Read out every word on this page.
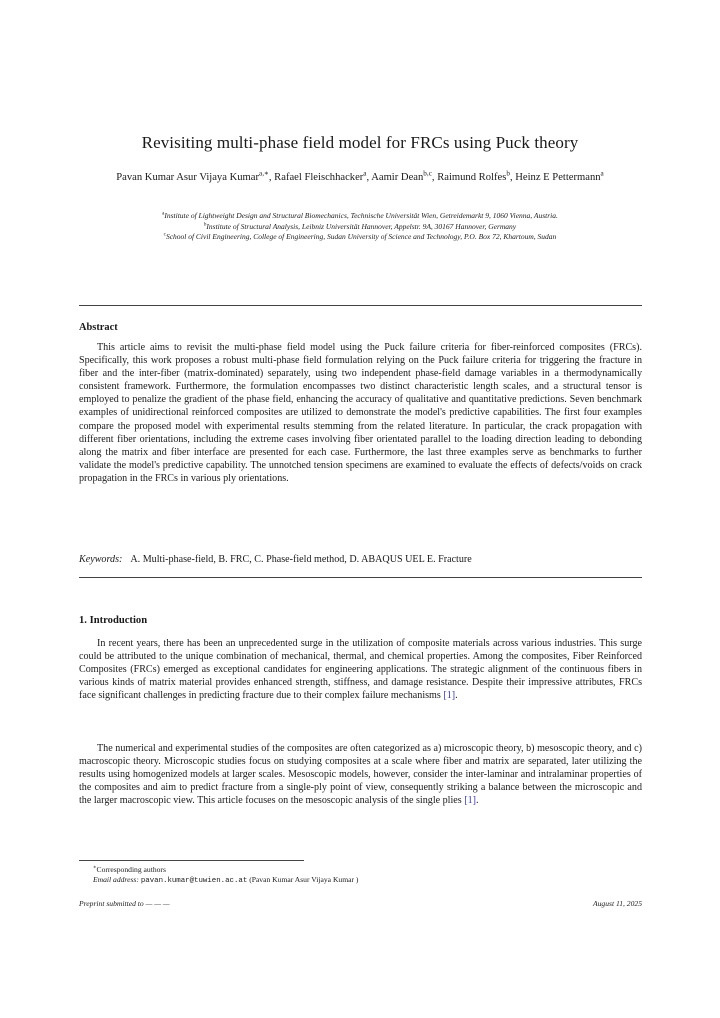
Revisiting multi-phase field model for FRCs using Puck theory
Pavan Kumar Asur Vijaya Kumar$^{a,∗}$, Rafael Fleischhacker$^a$, Aamir Dean$^{b,c}$, Raimund Rolfes$^b$, Heinz E Pettermann$^a$
$^a$Institute of Lightweight Design and Structural Biomechanics, Technische Universität Wien, Getreidemarkt 9, 1060 Vienna, Austria.
$^b$Institute of Structural Analysis, Leibniz Universität Hannover, Appelstr. 9A, 30167 Hannover, Germany
$^c$School of Civil Engineering, College of Engineering, Sudan University of Science and Technology, P.O. Box 72, Khartoum, Sudan
Abstract
This article aims to revisit the multi-phase field model using the Puck failure criteria for fiber-reinforced composites (FRCs). Specifically, this work proposes a robust multi-phase field formulation relying on the Puck failure criteria for triggering the fracture in fiber and the inter-fiber (matrix-dominated) separately, using two independent phase-field damage variables in a thermodynamically consistent framework. Furthermore, the formulation encompasses two distinct characteristic length scales, and a structural tensor is employed to penalize the gradient of the phase field, enhancing the accuracy of qualitative and quantitative predictions. Seven benchmark examples of unidirectional reinforced composites are utilized to demonstrate the model's predictive capabilities. The first four examples compare the proposed model with experimental results stemming from the related literature. In particular, the crack propagation with different fiber orientations, including the extreme cases involving fiber orientated parallel to the loading direction leading to debonding along the matrix and fiber interface are presented for each case. Furthermore, the last three examples serve as benchmarks to further validate the model's predictive capability. The unnotched tension specimens are examined to evaluate the effects of defects/voids on crack propagation in the FRCs in various ply orientations.
Keywords: A. Multi-phase-field, B. FRC, C. Phase-field method, D. ABAQUS UEL E. Fracture
1. Introduction

In recent years, there has been an unprecedented surge in the utilization of composite materials across various industries. This surge could be attributed to the unique combination of mechanical, thermal, and chemical properties. Among the composites, Fiber Reinforced Composites (FRCs) emerged as exceptional candidates for engineering applications. The strategic alignment of the continuous fibers in various kinds of matrix material provides enhanced strength, stiffness, and damage resistance. Despite their impressive attributes, FRCs face significant challenges in predicting fracture due to their complex failure mechanisms [1].

The numerical and experimental studies of the composites are often categorized as a) microscopic theory, b) mesoscopic theory, and c) macroscopic theory. Microscopic studies focus on studying composites at a scale where fiber and matrix are separated, later utilizing the results using homogenized models at larger scales. Mesoscopic models, however, consider the inter-laminar and intralaminar properties of the composites and aim to predict fracture from a single-ply point of view, consequently striking a balance between the microscopic and the larger macroscopic view. This article focuses on the mesoscopic analysis of the single plies [1].

∗Corresponding authors
Email address: pavan.kumar@tuwien.ac.at (Pavan Kumar Asur Vijaya Kumar )
Preprint submitted to — — —	August 11, 2025
